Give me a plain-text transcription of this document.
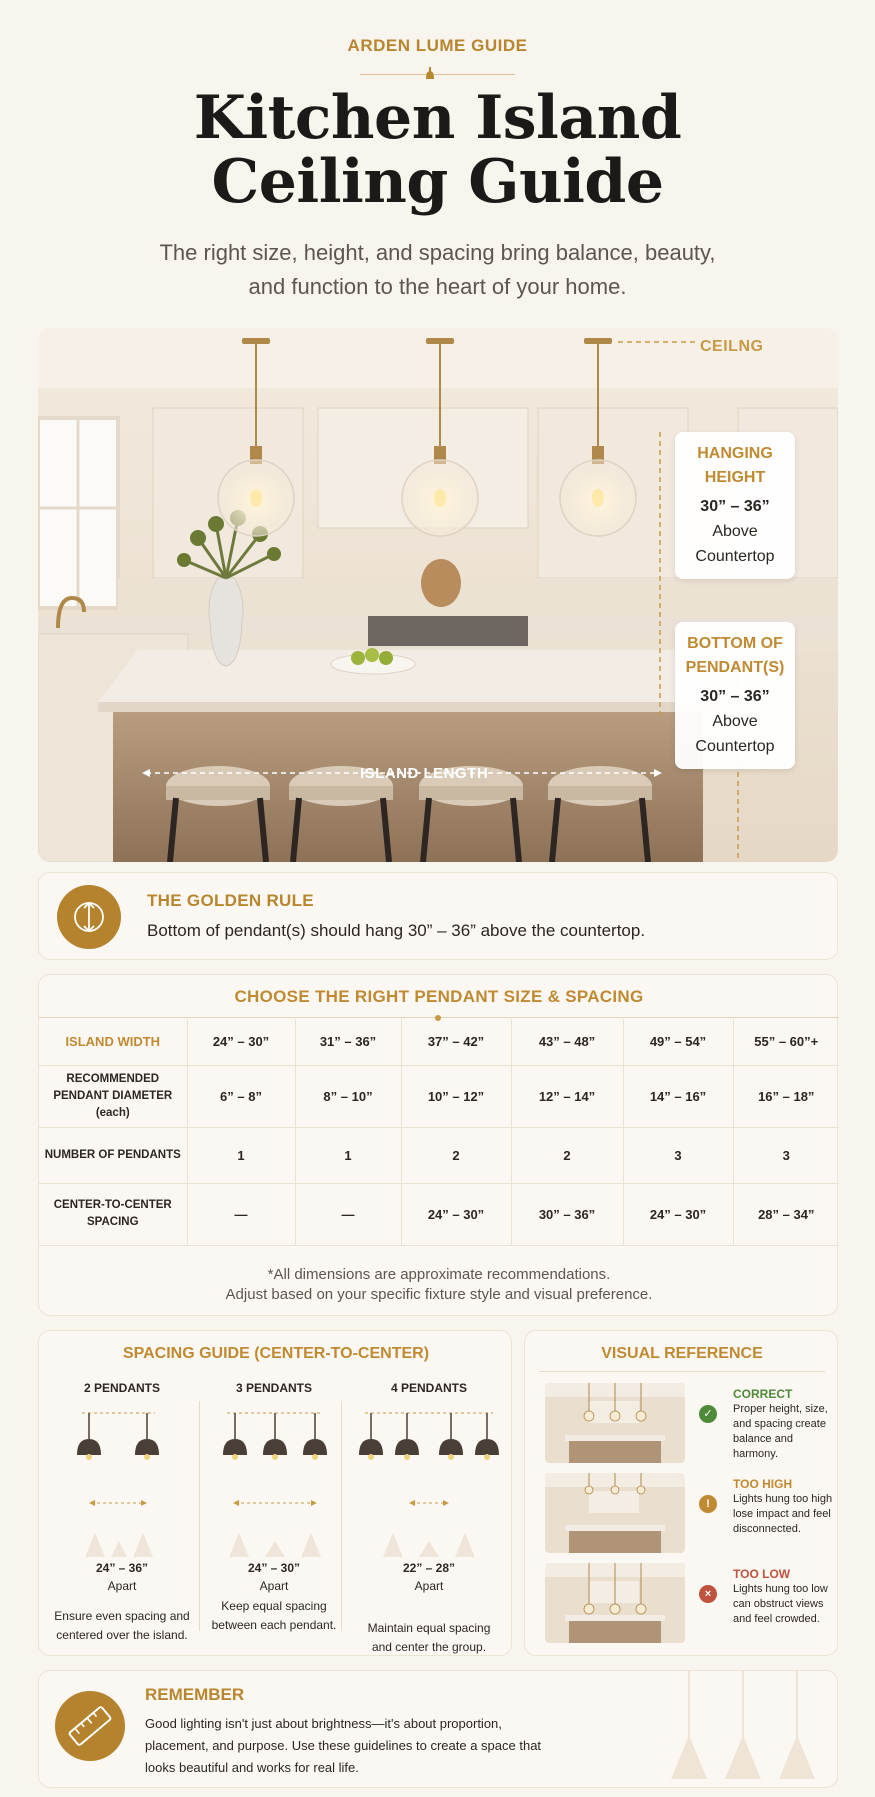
ARDEN LUME GUIDE
Kitchen Island
Ceiling Guide
The right size, height, and spacing bring balance, beauty, and function to the heart of your home.
CEILNG
HANGING
HEIGHT
30” – 36”
Above
Countertop
BOTTOM OF
PENDANT(S)
30” – 36”
Above
Countertop
ISLAND LENGTH
THE GOLDEN RULE
Bottom of pendant(s) should hang 30” – 36” above the countertop.
CHOOSE THE RIGHT PENDANT SIZE & SPACING
ISLAND WIDTH	24” – 30”	31” – 36”	37” – 42”	43” – 48”	49” – 54”	55” – 60”+
RECOMMENDED PENDANT DIAMETER (each)	6” – 8”	8” – 10”	10” – 12”	12” – 14”	14” – 16”	16” – 18”
NUMBER OF PENDANTS	1	1	2	2	3	3
CENTER-TO-CENTER SPACING	—	—	24” – 30”	30” – 36”	24” – 30”	28” – 34”
*All dimensions are approximate recommendations.
Adjust based on your specific fixture style and visual preference.
SPACING GUIDE (CENTER-TO-CENTER)
2 PENDANTS
24” – 36”
Apart
Ensure even spacing and centered over the island.
3 PENDANTS
24” – 30”
Apart
Keep equal spacing between each pendant.
4 PENDANTS
22” – 28”
Apart
Maintain equal spacing and center the group.
VISUAL REFERENCE
✓
CORRECT
Proper height, size, and spacing create balance and harmony.
!
TOO HIGH
Lights hung too high lose impact and feel disconnected.
×
TOO LOW
Lights hung too low can obstruct views and feel crowded.
REMEMBER
Good lighting isn't just about brightness—it's about proportion, placement, and purpose. Use these guidelines to create a space that looks beautiful and works for real life.
